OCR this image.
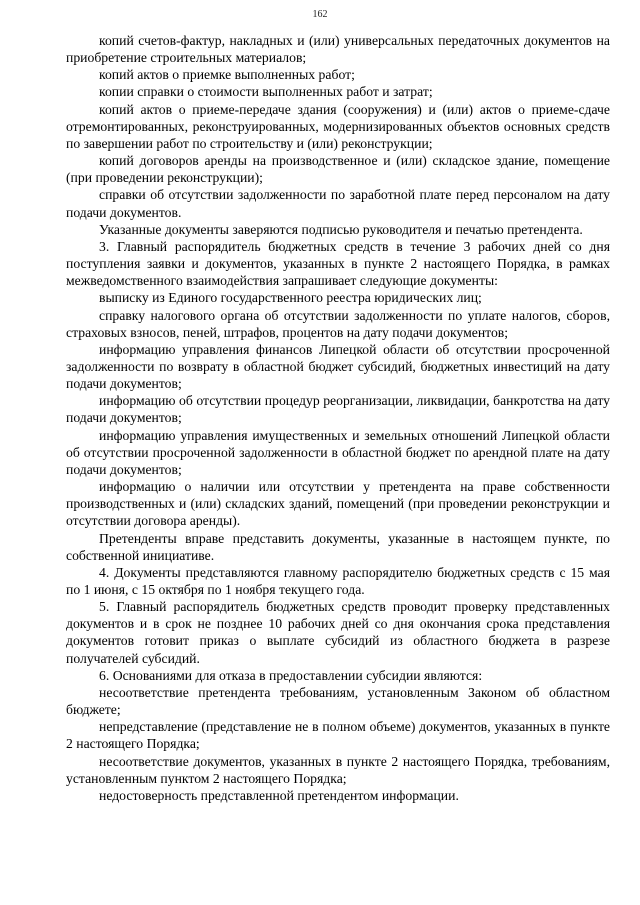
162

копий счетов-фактур, накладных и (или) универсальных передаточных документов на приобретение строительных материалов;

копий актов о приемке выполненных работ;

копии справки о стоимости выполненных работ и затрат;

копий актов о приеме-передаче здания (сооружения) и (или) актов о приеме-сдаче отремонтированных, реконструированных, модернизированных объектов основных средств по завершении работ по строительству и (или) реконструкции;

копий договоров аренды на производственное и (или) складское здание, помещение (при проведении реконструкции);

справки об отсутствии задолженности по заработной плате перед персоналом на дату подачи документов.

Указанные документы заверяются подписью руководителя и печатью претендента.

3. Главный распорядитель бюджетных средств в течение 3 рабочих дней со дня поступления заявки и документов, указанных в пункте 2 настоящего Порядка, в рамках межведомственного взаимодействия запрашивает следующие документы:

выписку из Единого государственного реестра юридических лиц;

справку налогового органа об отсутствии задолженности по уплате налогов, сборов, страховых взносов, пеней, штрафов, процентов на дату подачи документов;

информацию управления финансов Липецкой области об отсутствии просроченной задолженности по возврату в областной бюджет субсидий, бюджетных инвестиций на дату подачи документов;

информацию об отсутствии процедур реорганизации, ликвидации, банкротства на дату подачи документов;

информацию управления имущественных и земельных отношений Липецкой области об отсутствии просроченной задолженности в областной бюджет по арендной плате на дату подачи документов;

информацию о наличии или отсутствии у претендента на праве собственности производственных и (или) складских зданий, помещений (при проведении реконструкции и отсутствии договора аренды).

Претенденты вправе представить документы, указанные в настоящем пункте, по собственной инициативе.

4. Документы представляются главному распорядителю бюджетных средств с 15 мая по 1 июня, с 15 октября по 1 ноября текущего года.

5. Главный распорядитель бюджетных средств проводит проверку представленных документов и в срок не позднее 10 рабочих дней со дня окончания срока представления документов готовит приказ о выплате субсидий из областного бюджета в разрезе получателей субсидий.

6. Основаниями для отказа в предоставлении субсидии являются:

несоответствие претендента требованиям, установленным Законом об областном бюджете;

непредставление (представление не в полном объеме) документов, указанных в пункте 2 настоящего Порядка;

несоответствие документов, указанных в пункте 2 настоящего Порядка, требованиям, установленным пунктом 2 настоящего Порядка;

недостоверность представленной претендентом информации.
